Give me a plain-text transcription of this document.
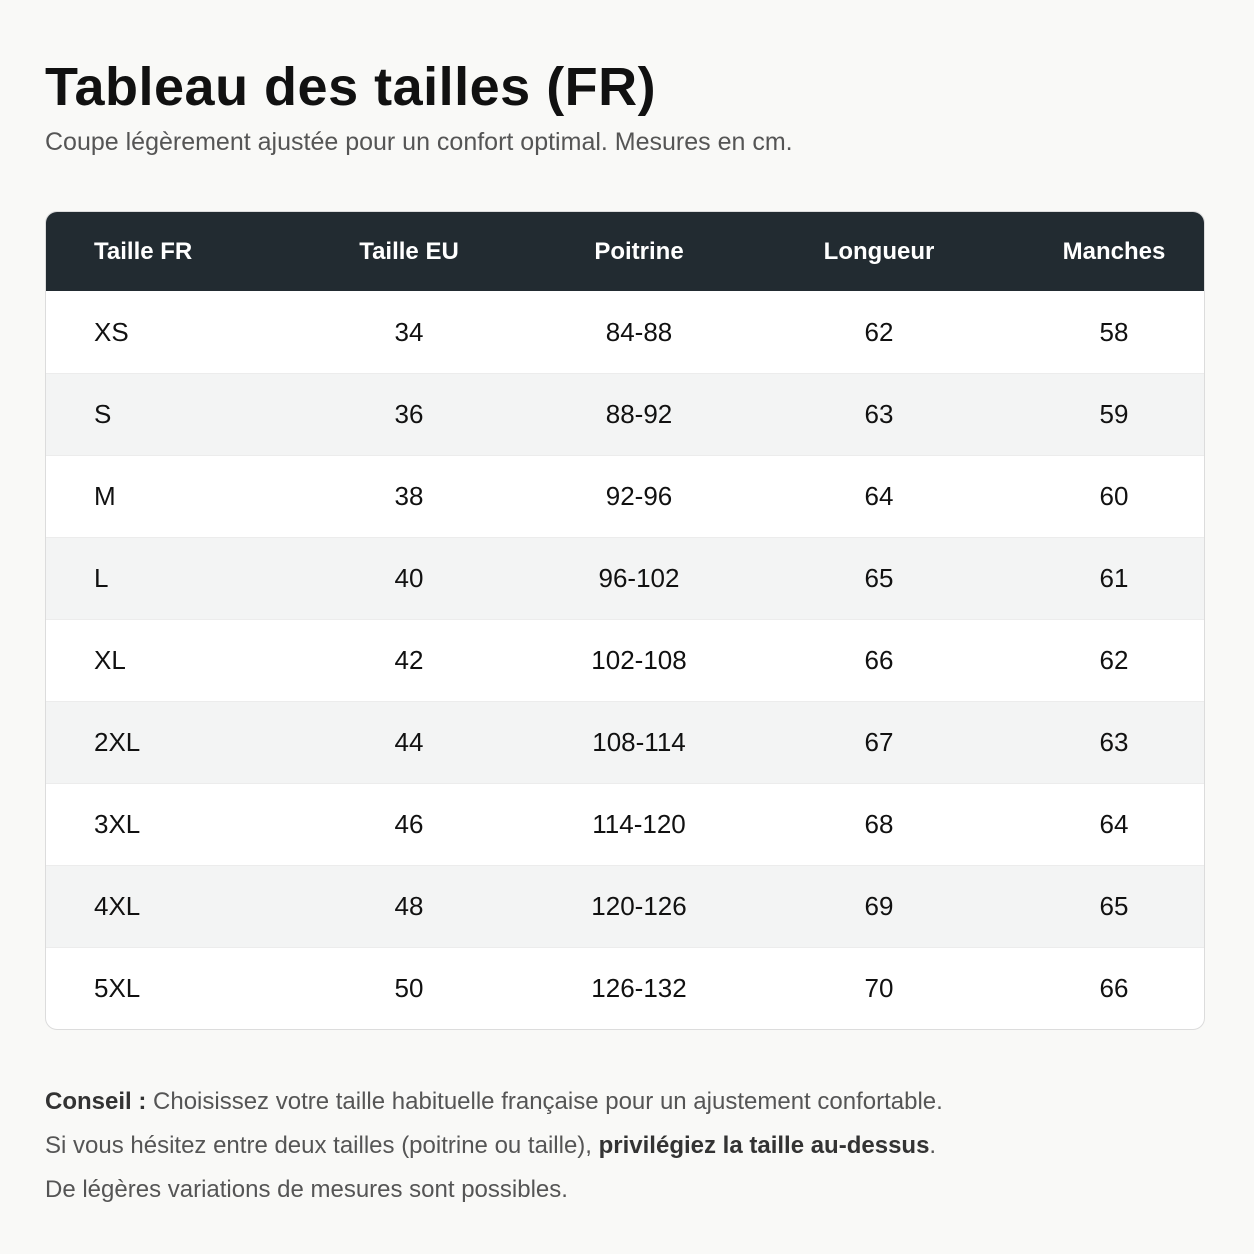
Tableau des tailles (FR)

Coupe légèrement ajustée pour un confort optimal. Mesures en cm.

Taille FR	Taille EU	Poitrine	Longueur	Manches
XS	34	84-88	62	58
S	36	88-92	63	59
M	38	92-96	64	60
L	40	96-102	65	61
XL	42	102-108	66	62
2XL	44	108-114	67	63
3XL	46	114-120	68	64
4XL	48	120-126	69	65
5XL	50	126-132	70	66
Conseil : Choisissez votre taille habituelle française pour un ajustement confortable.
Si vous hésitez entre deux tailles (poitrine ou taille), privilégiez la taille au-dessus.
De légères variations de mesures sont possibles.
